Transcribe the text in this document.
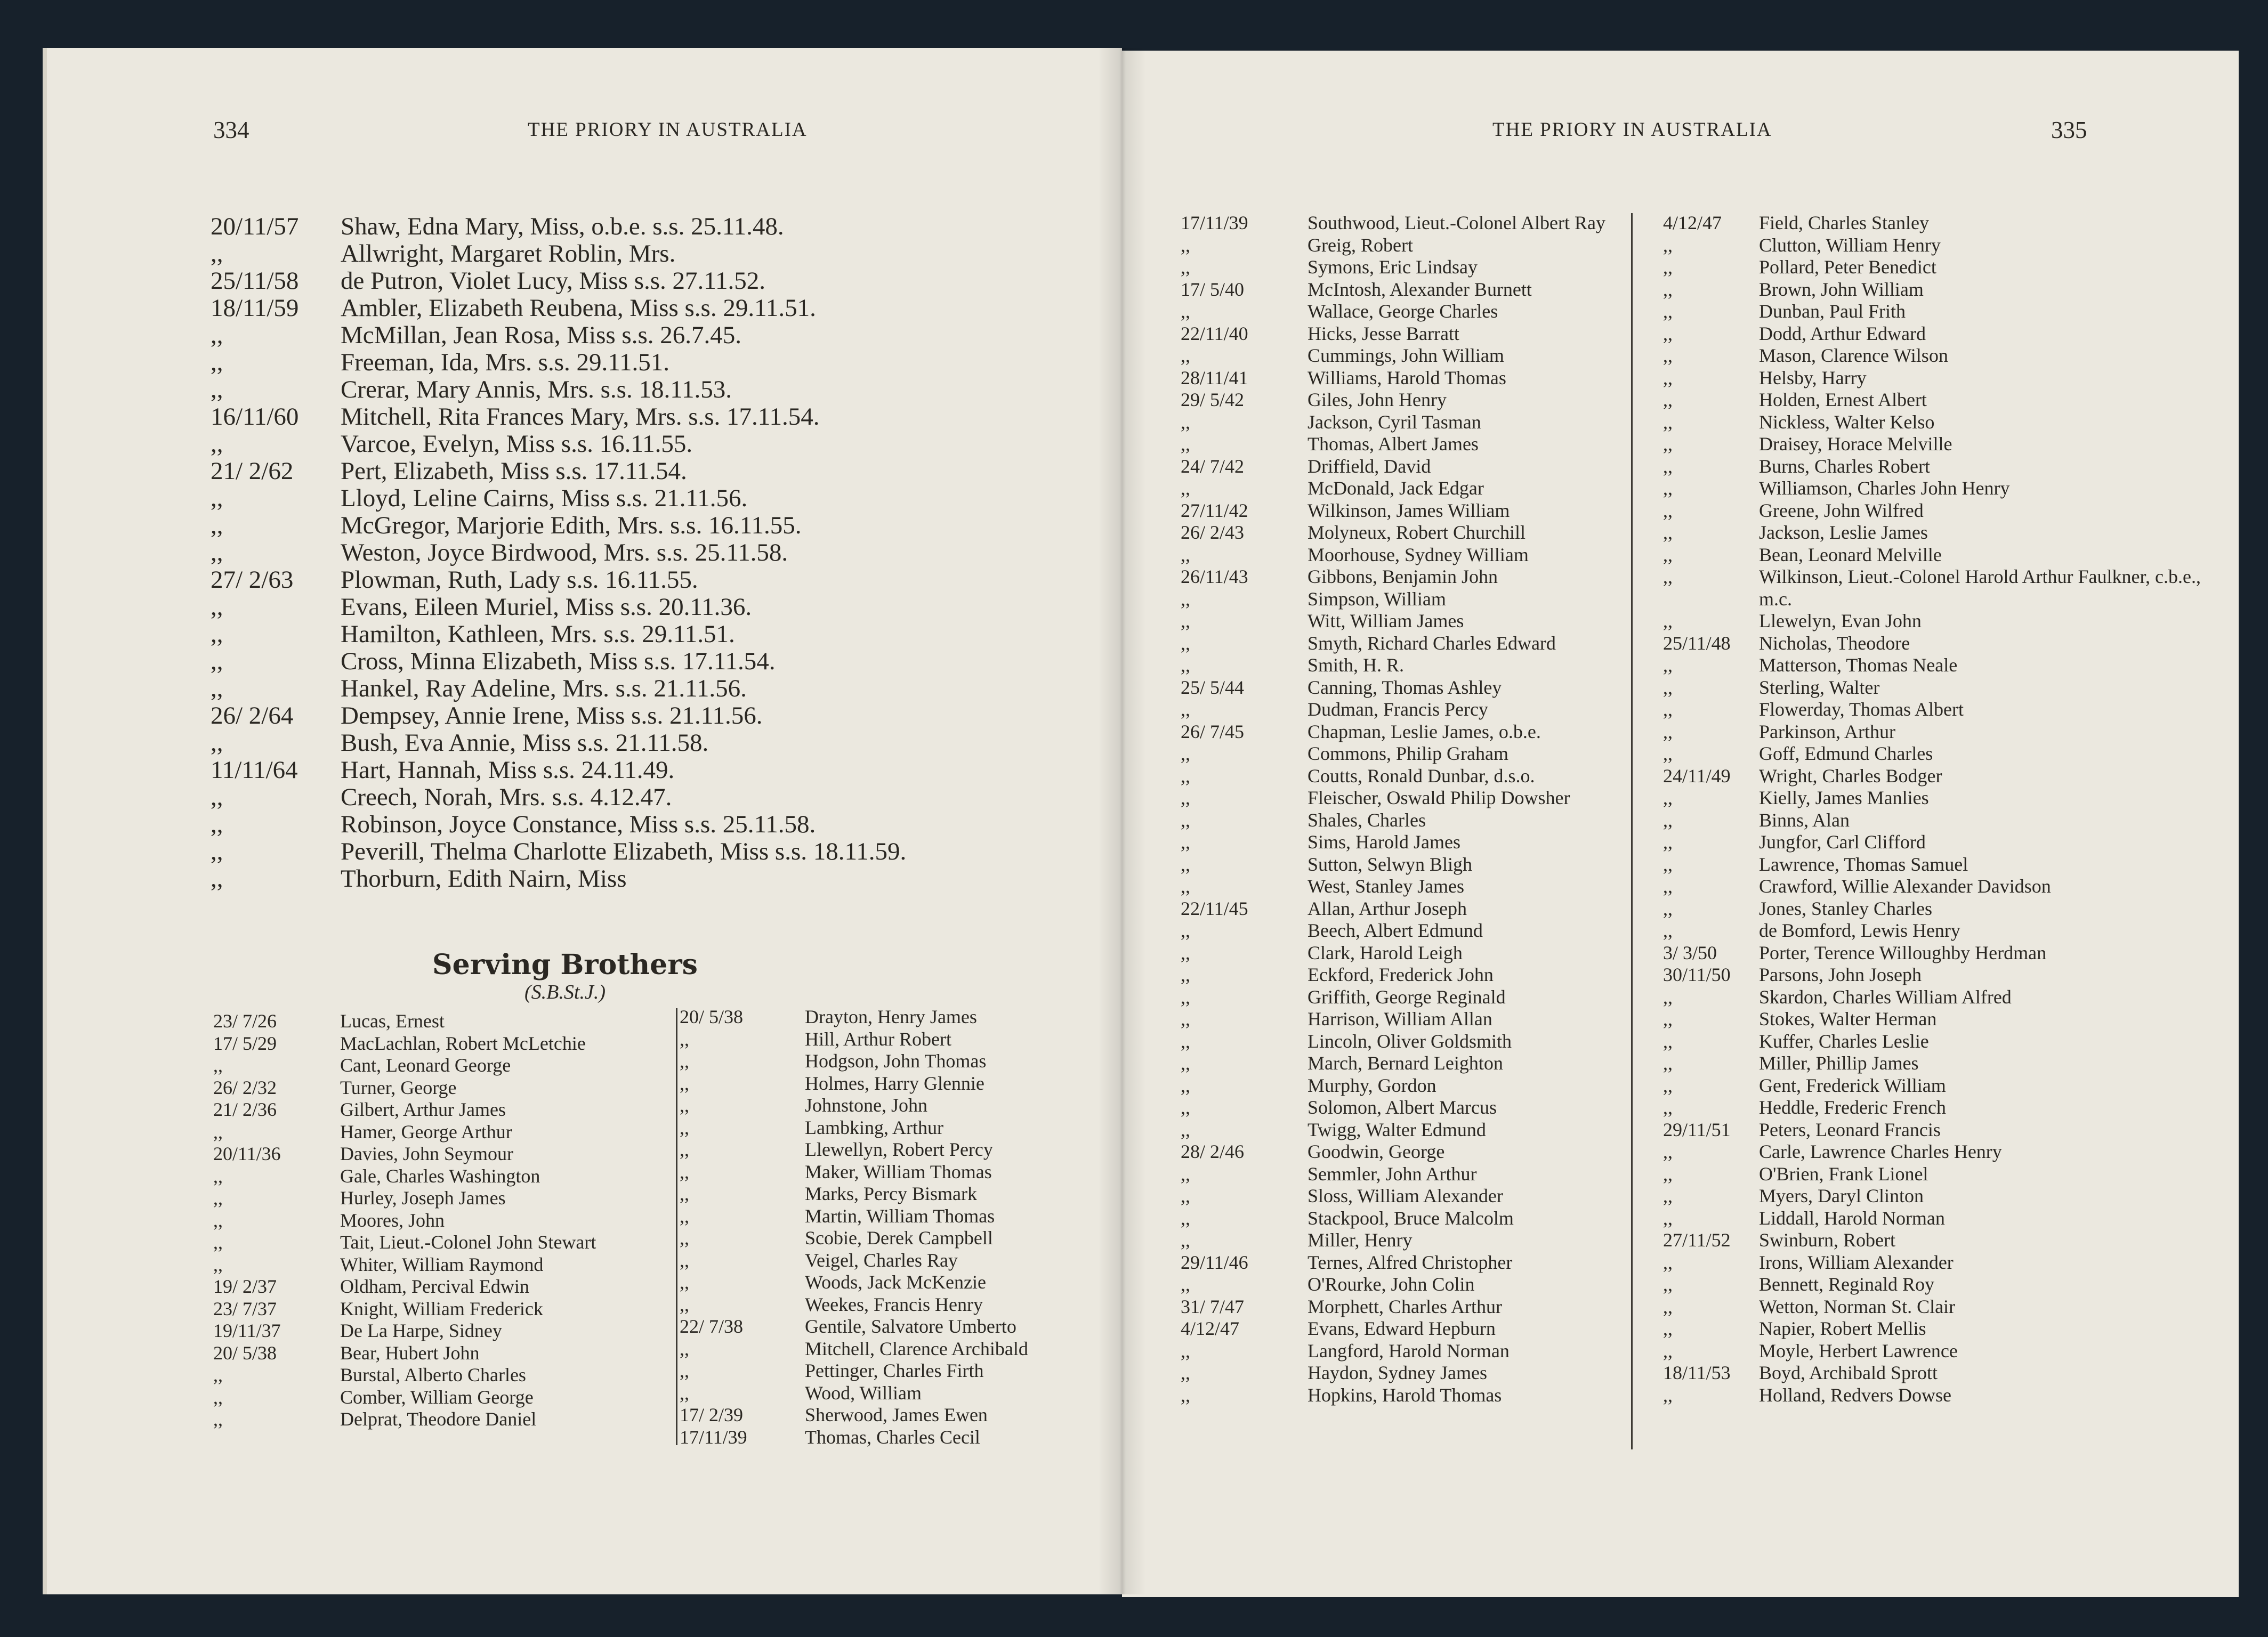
334	THE PRIORY IN AUSTRALIA	THE PRIORY IN AUSTRALIA	335
20/11/57	Shaw, Edna Mary, Miss, o.b.e. s.s. 25.11.48.
,,	Allwright, Margaret Roblin, Mrs.
25/11/58	de Putron, Violet Lucy, Miss s.s. 27.11.52.
18/11/59	Ambler, Elizabeth Reubena, Miss s.s. 29.11.51.
,,	McMillan, Jean Rosa, Miss s.s. 26.7.45.
,,	Freeman, Ida, Mrs. s.s. 29.11.51.
,,	Crerar, Mary Annis, Mrs. s.s. 18.11.53.
16/11/60	Mitchell, Rita Frances Mary, Mrs. s.s. 17.11.54.
,,	Varcoe, Evelyn, Miss s.s. 16.11.55.
21/ 2/62	Pert, Elizabeth, Miss s.s. 17.11.54.
,,	Lloyd, Leline Cairns, Miss s.s. 21.11.56.
,,	McGregor, Marjorie Edith, Mrs. s.s. 16.11.55.
,,	Weston, Joyce Birdwood, Mrs. s.s. 25.11.58.
27/ 2/63	Plowman, Ruth, Lady s.s. 16.11.55.
,,	Evans, Eileen Muriel, Miss s.s. 20.11.36.
,,	Hamilton, Kathleen, Mrs. s.s. 29.11.51.
,,	Cross, Minna Elizabeth, Miss s.s. 17.11.54.
,,	Hankel, Ray Adeline, Mrs. s.s. 21.11.56.
26/ 2/64	Dempsey, Annie Irene, Miss s.s. 21.11.56.
,,	Bush, Eva Annie, Miss s.s. 21.11.58.
11/11/64	Hart, Hannah, Miss s.s. 24.11.49.
,,	Creech, Norah, Mrs. s.s. 4.12.47.
,,	Robinson, Joyce Constance, Miss s.s. 25.11.58.
,,	Peverill, Thelma Charlotte Elizabeth, Miss s.s. 18.11.59.
,,	Thorburn, Edith Nairn, Miss
Serving Brothers
(S.B.St.J.)
23/ 7/26	Lucas, Ernest
17/ 5/29	MacLachlan, Robert McLetchie
,,	Cant, Leonard George
26/ 2/32	Turner, George
21/ 2/36	Gilbert, Arthur James
,,	Hamer, George Arthur
20/11/36	Davies, John Seymour
,,	Gale, Charles Washington
,,	Hurley, Joseph James
,,	Moores, John
,,	Tait, Lieut.-Colonel John Stewart
,,	Whiter, William Raymond
19/ 2/37	Oldham, Percival Edwin
23/ 7/37	Knight, William Frederick
19/11/37	De La Harpe, Sidney
20/ 5/38	Bear, Hubert John
,,	Burstal, Alberto Charles
,,	Comber, William George
,,	Delprat, Theodore Daniel
20/ 5/38	Drayton, Henry James
,,	Hill, Arthur Robert
,,	Hodgson, John Thomas
,,	Holmes, Harry Glennie
,,	Johnstone, John
,,	Lambking, Arthur
,,	Llewellyn, Robert Percy
,,	Maker, William Thomas
,,	Marks, Percy Bismark
,,	Martin, William Thomas
,,	Scobie, Derek Campbell
,,	Veigel, Charles Ray
,,	Woods, Jack McKenzie
,,	Weekes, Francis Henry
22/ 7/38	Gentile, Salvatore Umberto
,,	Mitchell, Clarence Archibald
,,	Pettinger, Charles Firth
,,	Wood, William
17/ 2/39	Sherwood, James Ewen
17/11/39	Thomas, Charles Cecil
17/11/39	Southwood, Lieut.-Colonel Albert Ray
,,	Greig, Robert
,,	Symons, Eric Lindsay
17/ 5/40	McIntosh, Alexander Burnett
,,	Wallace, George Charles
22/11/40	Hicks, Jesse Barratt
,,	Cummings, John William
28/11/41	Williams, Harold Thomas
29/ 5/42	Giles, John Henry
,,	Jackson, Cyril Tasman
,,	Thomas, Albert James
24/ 7/42	Driffield, David
,,	McDonald, Jack Edgar
27/11/42	Wilkinson, James William
26/ 2/43	Molyneux, Robert Churchill
,,	Moorhouse, Sydney William
26/11/43	Gibbons, Benjamin John
,,	Simpson, William
,,	Witt, William James
,,	Smyth, Richard Charles Edward
,,	Smith, H. R.
25/ 5/44	Canning, Thomas Ashley
,,	Dudman, Francis Percy
26/ 7/45	Chapman, Leslie James, o.b.e.
,,	Commons, Philip Graham
,,	Coutts, Ronald Dunbar, d.s.o.
,,	Fleischer, Oswald Philip Dowsher
,,	Shales, Charles
,,	Sims, Harold James
,,	Sutton, Selwyn Bligh
,,	West, Stanley James
22/11/45	Allan, Arthur Joseph
,,	Beech, Albert Edmund
,,	Clark, Harold Leigh
,,	Eckford, Frederick John
,,	Griffith, George Reginald
,,	Harrison, William Allan
,,	Lincoln, Oliver Goldsmith
,,	March, Bernard Leighton
,,	Murphy, Gordon
,,	Solomon, Albert Marcus
,,	Twigg, Walter Edmund
28/ 2/46	Goodwin, George
,,	Semmler, John Arthur
,,	Sloss, William Alexander
,,	Stackpool, Bruce Malcolm
,,	Miller, Henry
29/11/46	Ternes, Alfred Christopher
,,	O'Rourke, John Colin
31/ 7/47	Morphett, Charles Arthur
4/12/47	Evans, Edward Hepburn
,,	Langford, Harold Norman
,,	Haydon, Sydney James
,,	Hopkins, Harold Thomas
4/12/47	Field, Charles Stanley
,,	Clutton, William Henry
,,	Pollard, Peter Benedict
,,	Brown, John William
,,	Dunban, Paul Frith
,,	Dodd, Arthur Edward
,,	Mason, Clarence Wilson
,,	Helsby, Harry
,,	Holden, Ernest Albert
,,	Nickless, Walter Kelso
,,	Draisey, Horace Melville
,,	Burns, Charles Robert
,,	Williamson, Charles John Henry
,,	Greene, John Wilfred
,,	Jackson, Leslie James
,,	Bean, Leonard Melville
,,	Wilkinson, Lieut.-Colonel Harold Arthur Faulkner, c.b.e., m.c.
,,	Llewelyn, Evan John
25/11/48	Nicholas, Theodore
,,	Matterson, Thomas Neale
,,	Sterling, Walter
,,	Flowerday, Thomas Albert
,,	Parkinson, Arthur
,,	Goff, Edmund Charles
24/11/49	Wright, Charles Bodger
,,	Kielly, James Manlies
,,	Binns, Alan
,,	Jungfor, Carl Clifford
,,	Lawrence, Thomas Samuel
,,	Crawford, Willie Alexander Davidson
,,	Jones, Stanley Charles
,,	de Bomford, Lewis Henry
3/ 3/50	Porter, Terence Willoughby Herdman
30/11/50	Parsons, John Joseph
,,	Skardon, Charles William Alfred
,,	Stokes, Walter Herman
,,	Kuffer, Charles Leslie
,,	Miller, Phillip James
,,	Gent, Frederick William
,,	Heddle, Frederic French
29/11/51	Peters, Leonard Francis
,,	Carle, Lawrence Charles Henry
,,	O'Brien, Frank Lionel
,,	Myers, Daryl Clinton
,,	Liddall, Harold Norman
27/11/52	Swinburn, Robert
,,	Irons, William Alexander
,,	Bennett, Reginald Roy
,,	Wetton, Norman St. Clair
,,	Napier, Robert Mellis
,,	Moyle, Herbert Lawrence
18/11/53	Boyd, Archibald Sprott
,,	Holland, Redvers Dowse
